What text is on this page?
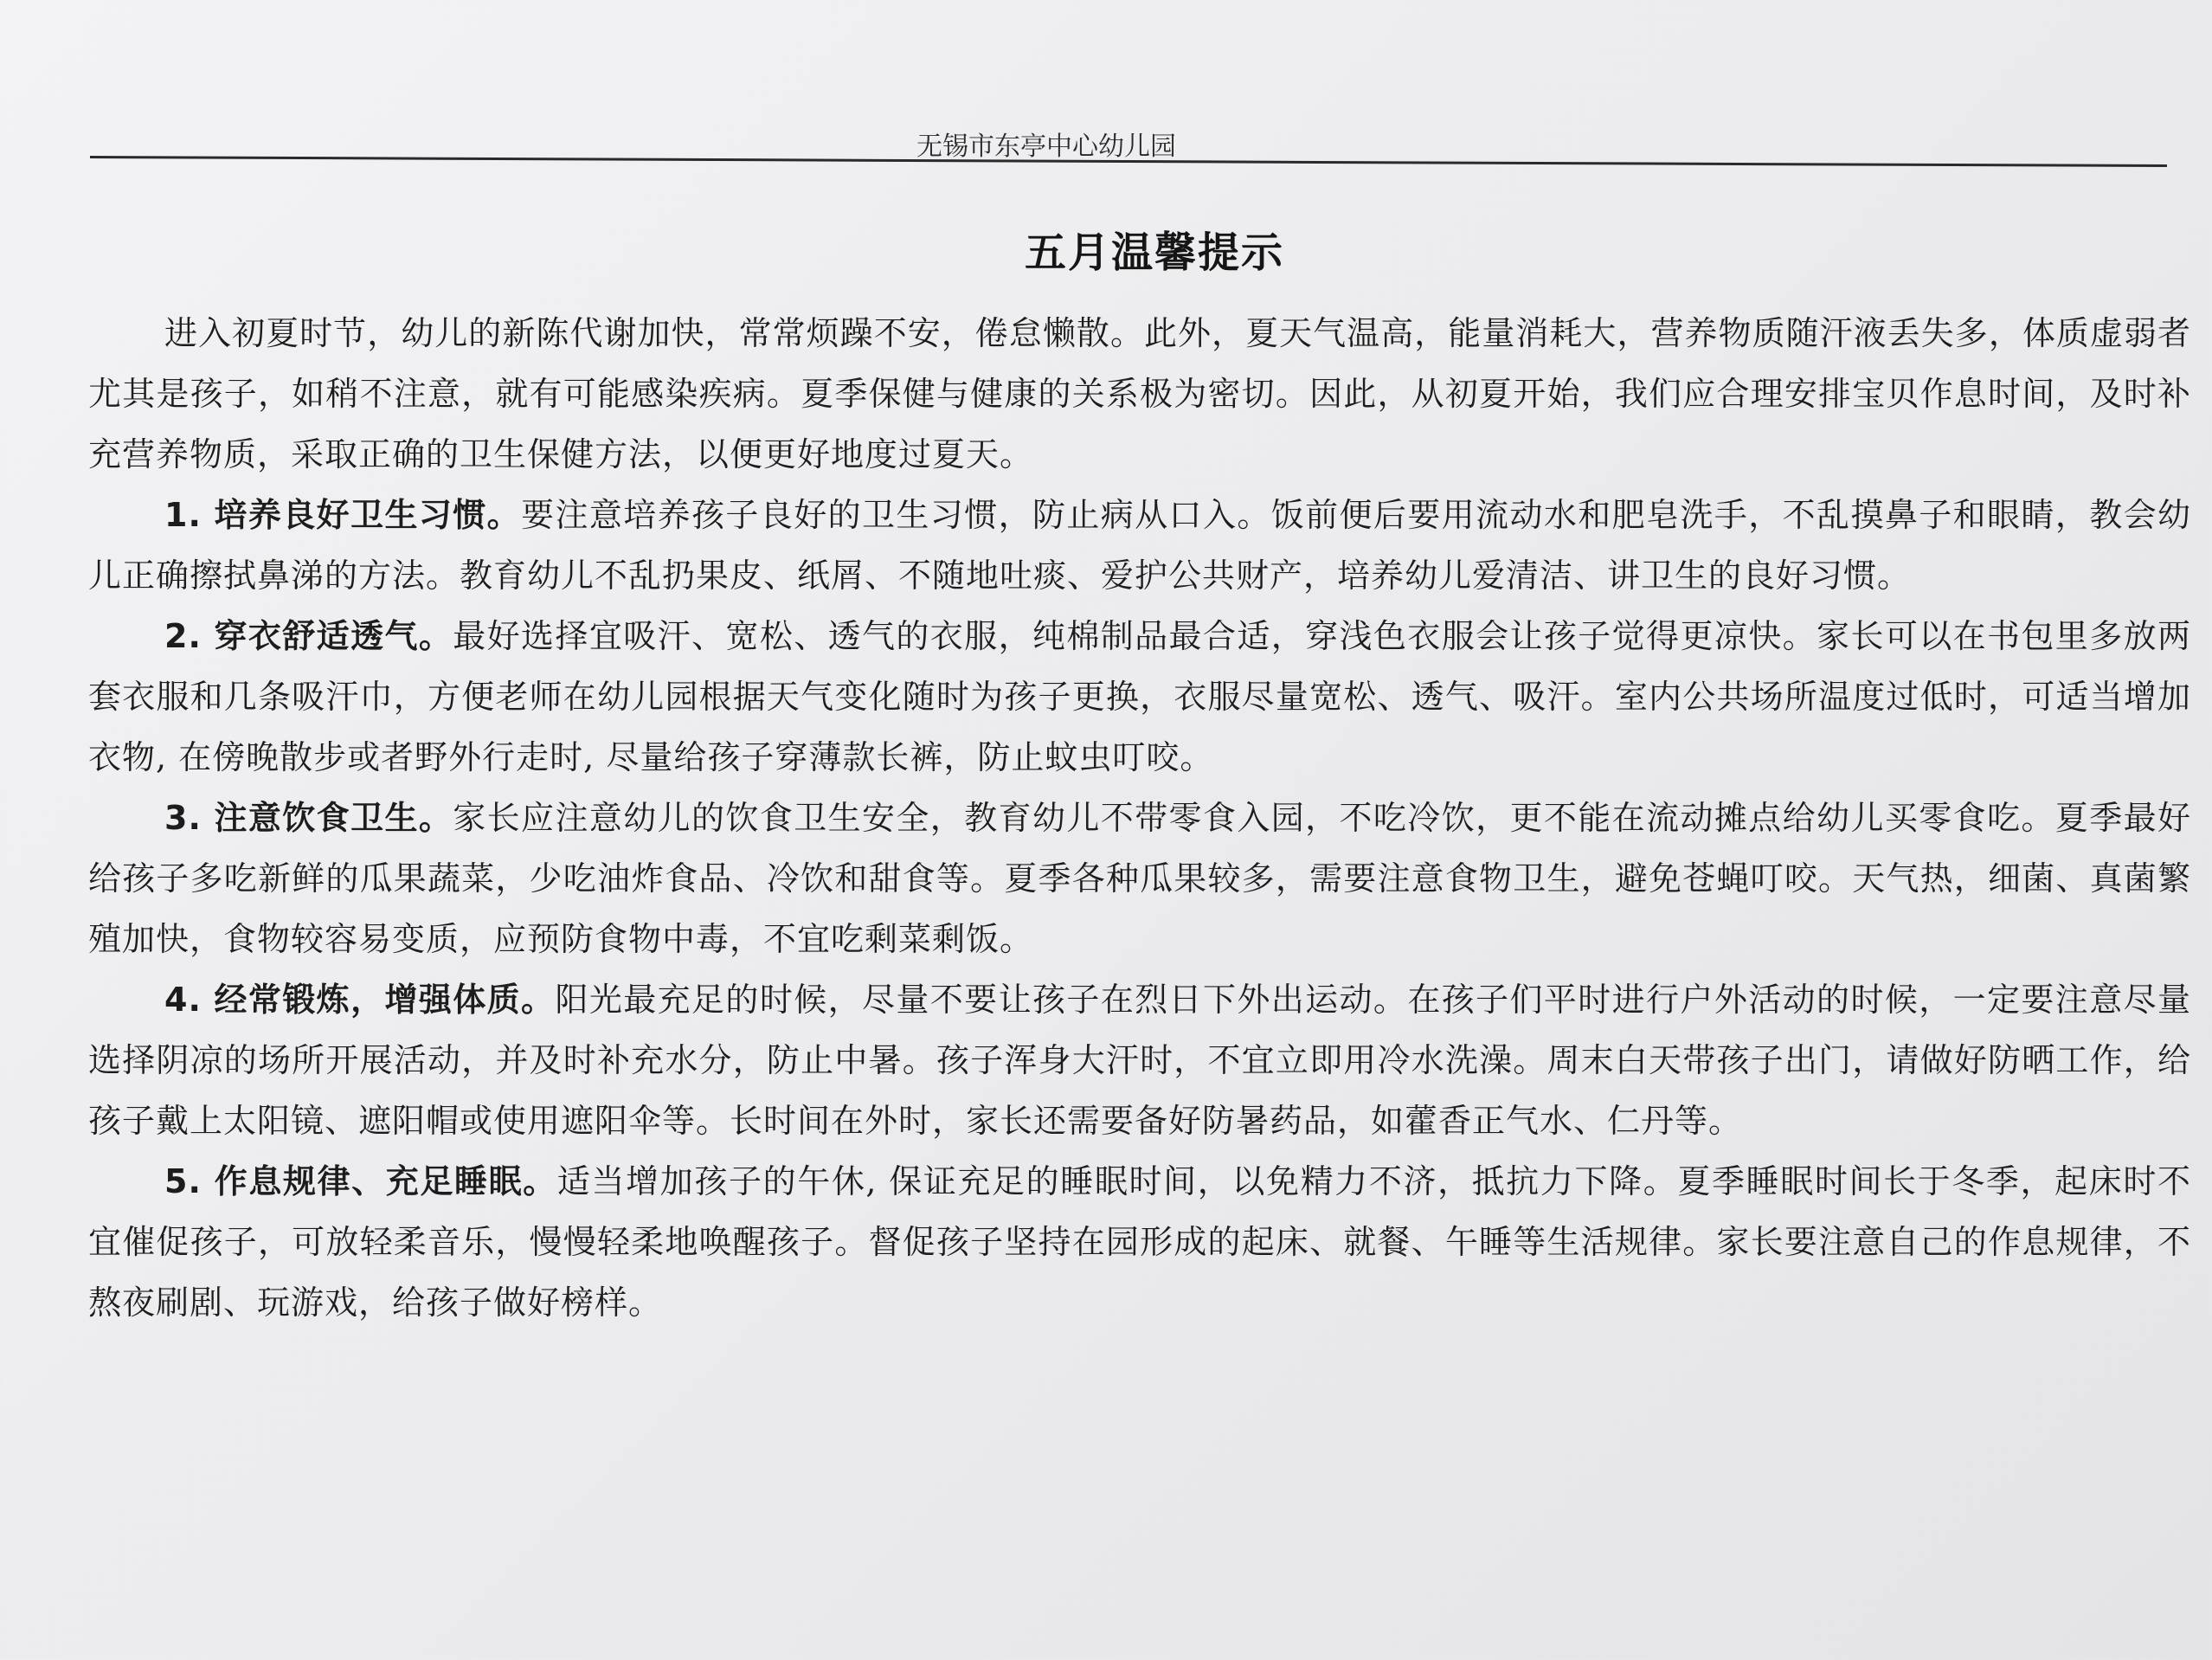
无锡市东亭中心幼儿园
五月温馨提示

进入初夏时节，幼儿的新陈代谢加快，常常烦躁不安，倦怠懒散。此外，夏天气温高，能量消耗大，营养物质随汗液丢失多，体质虚弱者尤其是孩子，如稍不注意，就有可能感染疾病。夏季保健与健康的关系极为密切。因此，从初夏开始，我们应合理安排宝贝作息时间，及时补充营养物质，采取正确的卫生保健方法，以便更好地度过夏天。

1. 培养良好卫生习惯。要注意培养孩子良好的卫生习惯，防止病从口入。饭前便后要用流动水和肥皂洗手，不乱摸鼻子和眼睛，教会幼儿正确擦拭鼻涕的方法。教育幼儿不乱扔果皮、纸屑、不随地吐痰、爱护公共财产，培养幼儿爱清洁、讲卫生的良好习惯。

2. 穿衣舒适透气。最好选择宜吸汗、宽松、透气的衣服，纯棉制品最合适，穿浅色衣服会让孩子觉得更凉快。家长可以在书包里多放两套衣服和几条吸汗巾，方便老师在幼儿园根据天气变化随时为孩子更换，衣服尽量宽松、透气、吸汗。室内公共场所温度过低时，可适当增加衣物, 在傍晚散步或者野外行走时, 尽量给孩子穿薄款长裤，防止蚊虫叮咬。

3. 注意饮食卫生。家长应注意幼儿的饮食卫生安全，教育幼儿不带零食入园，不吃冷饮，更不能在流动摊点给幼儿买零食吃。夏季最好给孩子多吃新鲜的瓜果蔬菜，少吃油炸食品、冷饮和甜食等。夏季各种瓜果较多，需要注意食物卫生，避免苍蝇叮咬。天气热，细菌、真菌繁殖加快，食物较容易变质，应预防食物中毒，不宜吃剩菜剩饭。

4. 经常锻炼，增强体质。阳光最充足的时候，尽量不要让孩子在烈日下外出运动。在孩子们平时进行户外活动的时候，一定要注意尽量选择阴凉的场所开展活动，并及时补充水分，防止中暑。孩子浑身大汗时，不宜立即用冷水洗澡。周末白天带孩子出门，请做好防晒工作，给孩子戴上太阳镜、遮阳帽或使用遮阳伞等。长时间在外时，家长还需要备好防暑药品，如藿香正气水、仁丹等。

5. 作息规律、充足睡眠。适当增加孩子的午休, 保证充足的睡眠时间，以免精力不济，抵抗力下降。夏季睡眠时间长于冬季，起床时不宜催促孩子，可放轻柔音乐，慢慢轻柔地唤醒孩子。督促孩子坚持在园形成的起床、就餐、午睡等生活规律。家长要注意自己的作息规律，不熬夜刷剧、玩游戏，给孩子做好榜样。
